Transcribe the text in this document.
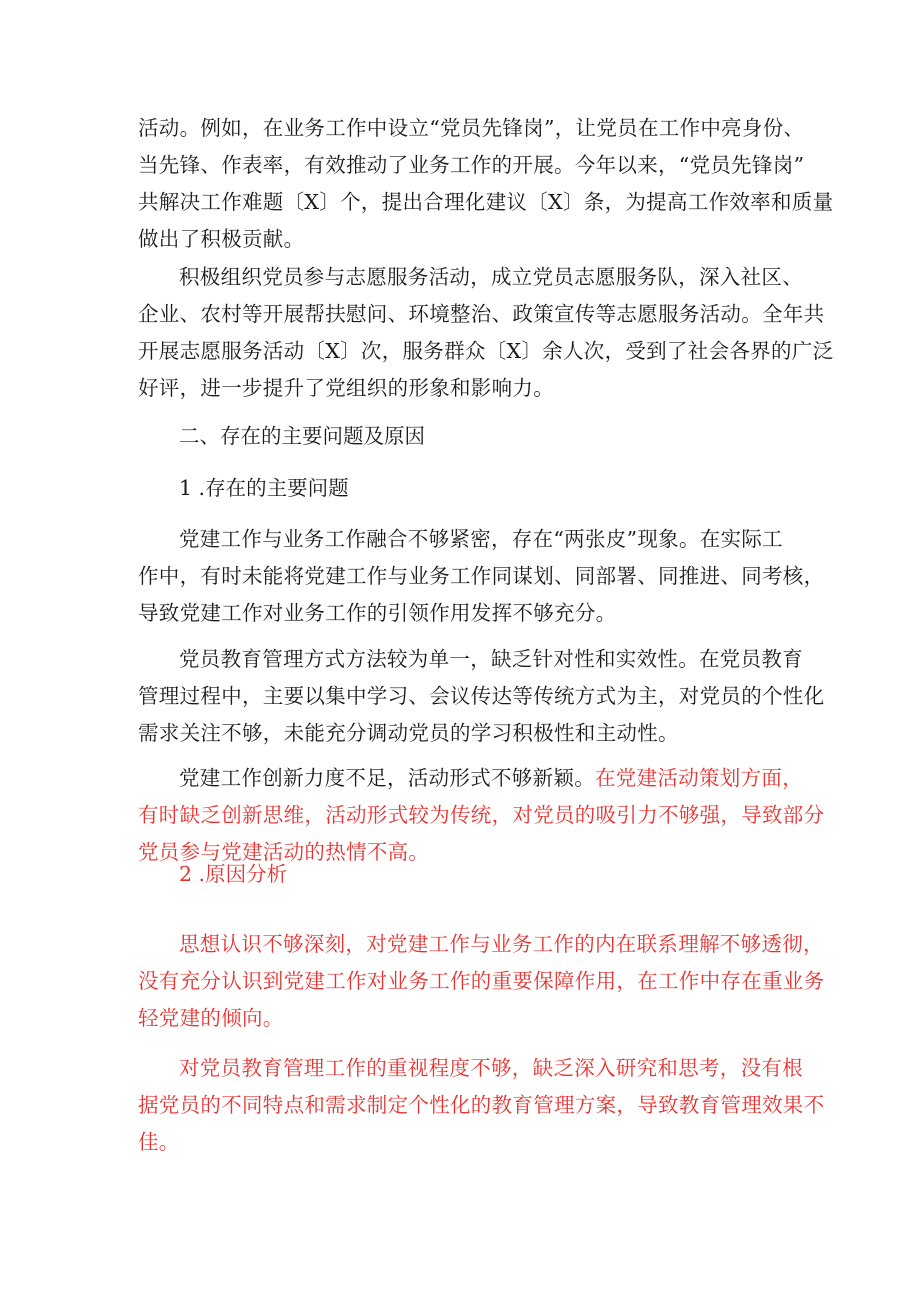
活动。例如，在业务工作中设立“党员先锋岗”，让党员在工作中亮身份、
当先锋、作表率，有效推动了业务工作的开展。今年以来，“党员先锋岗”
共解决工作难题〔X〕个，提出合理化建议〔X〕条，为提高工作效率和质量
做出了积极贡献。
积极组织党员参与志愿服务活动，成立党员志愿服务队，深入社区、
企业、农村等开展帮扶慰问、环境整治、政策宣传等志愿服务活动。全年共
开展志愿服务活动〔X〕次，服务群众〔X〕余人次，受到了社会各界的广泛
好评，进一步提升了党组织的形象和影响力。
二、存在的主要问题及原因
1 .存在的主要问题
党建工作与业务工作融合不够紧密，存在“两张皮”现象。在实际工
作中，有时未能将党建工作与业务工作同谋划、同部署、同推进、同考核，
导致党建工作对业务工作的引领作用发挥不够充分。
党员教育管理方式方法较为单一，缺乏针对性和实效性。在党员教育
管理过程中，主要以集中学习、会议传达等传统方式为主，对党员的个性化
需求关注不够，未能充分调动党员的学习积极性和主动性。
党建工作创新力度不足，活动形式不够新颖。在党建活动策划方面，
有时缺乏创新思维，活动形式较为传统，对党员的吸引力不够强，导致部分
党员参与党建活动的热情不高。
2 .原因分析
思想认识不够深刻，对党建工作与业务工作的内在联系理解不够透彻，
没有充分认识到党建工作对业务工作的重要保障作用，在工作中存在重业务
轻党建的倾向。
对党员教育管理工作的重视程度不够，缺乏深入研究和思考，没有根
据党员的不同特点和需求制定个性化的教育管理方案，导致教育管理效果不
佳。
